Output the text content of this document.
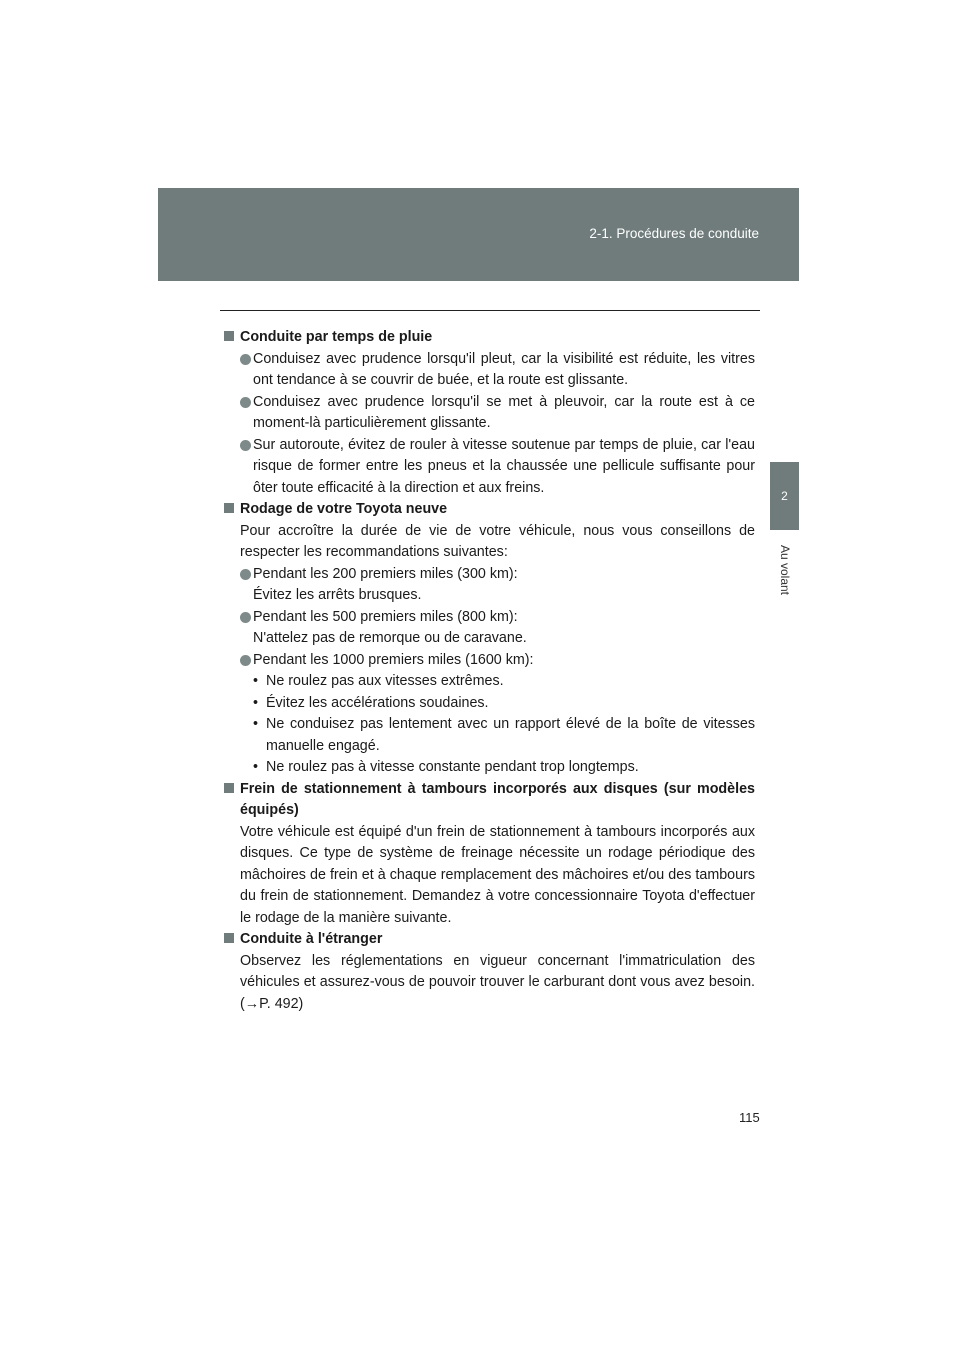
2-1. Procédures de conduite
2
Au volant

Conduite par temps de pluie

Conduisez avec prudence lorsqu'il pleut, car la visibilité est réduite, les vitres ont tendance à se couvrir de buée, et la route est glissante.

Conduisez avec prudence lorsqu'il se met à pleuvoir, car la route est à ce moment-là particulièrement glissante.

Sur autoroute, évitez de rouler à vitesse soutenue par temps de pluie, car l'eau risque de former entre les pneus et la chaussée une pellicule suffisante pour ôter toute efficacité à la direction et aux freins.

Rodage de votre Toyota neuve

Pour accroître la durée de vie de votre véhicule, nous vous conseillons de respecter les recommandations suivantes:

Pendant les 200 premiers miles (300 km):
Évitez les arrêts brusques.

Pendant les 500 premiers miles (800 km):
N'attelez pas de remorque ou de caravane.

Pendant les 1000 premiers miles (1600 km):

• Ne roulez pas aux vitesses extrêmes.

• Évitez les accélérations soudaines.

• Ne conduisez pas lentement avec un rapport élevé de la boîte de vitesses manuelle engagé.

• Ne roulez pas à vitesse constante pendant trop longtemps.

Frein de stationnement à tambours incorporés aux disques (sur modèles équipés)

Votre véhicule est équipé d'un frein de stationnement à tambours incorporés aux disques. Ce type de système de freinage nécessite un rodage périodique des mâchoires de frein et à chaque remplacement des mâchoires et/ou des tambours du frein de stationnement. Demandez à votre concessionnaire Toyota d'effectuer le rodage de la manière suivante.

Conduite à l'étranger

Observez les réglementations en vigueur concernant l'immatriculation des véhicules et assurez-vous de pouvoir trouver le carburant dont vous avez besoin. (→P. 492)

115
